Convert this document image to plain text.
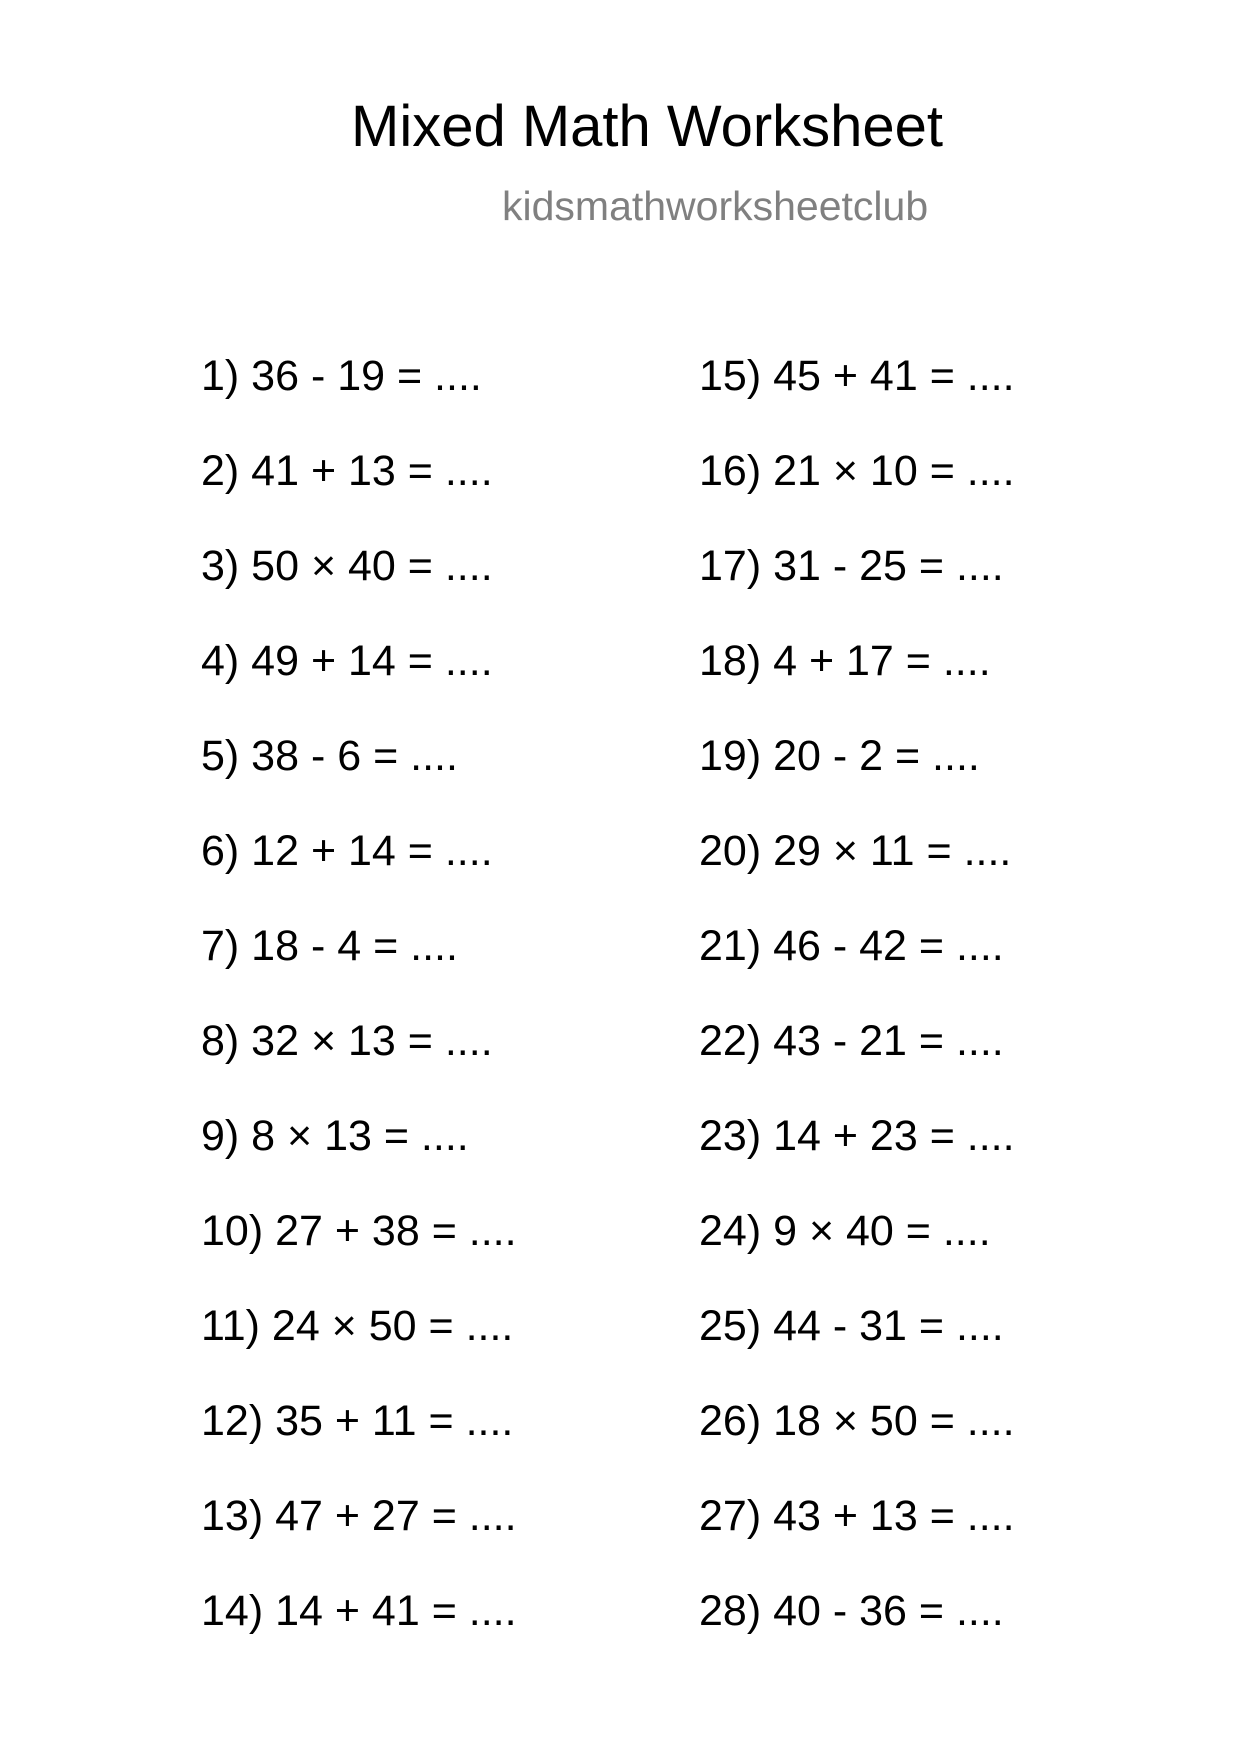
Mixed Math Worksheet
kidsmathworksheetclub
1) 36 - 19 = ....
2) 41 + 13 = ....
3) 50 × 40 = ....
4) 49 + 14 = ....
5) 38 - 6 = ....
6) 12 + 14 = ....
7) 18 - 4 = ....
8) 32 × 13 = ....
9) 8 × 13 = ....
10) 27 + 38 = ....
11) 24 × 50 = ....
12) 35 + 11 = ....
13) 47 + 27 = ....
14) 14 + 41 = ....
15) 45 + 41 = ....
16) 21 × 10 = ....
17) 31 - 25 = ....
18) 4 + 17 = ....
19) 20 - 2 = ....
20) 29 × 11 = ....
21) 46 - 42 = ....
22) 43 - 21 = ....
23) 14 + 23 = ....
24) 9 × 40 = ....
25) 44 - 31 = ....
26) 18 × 50 = ....
27) 43 + 13 = ....
28) 40 - 36 = ....
